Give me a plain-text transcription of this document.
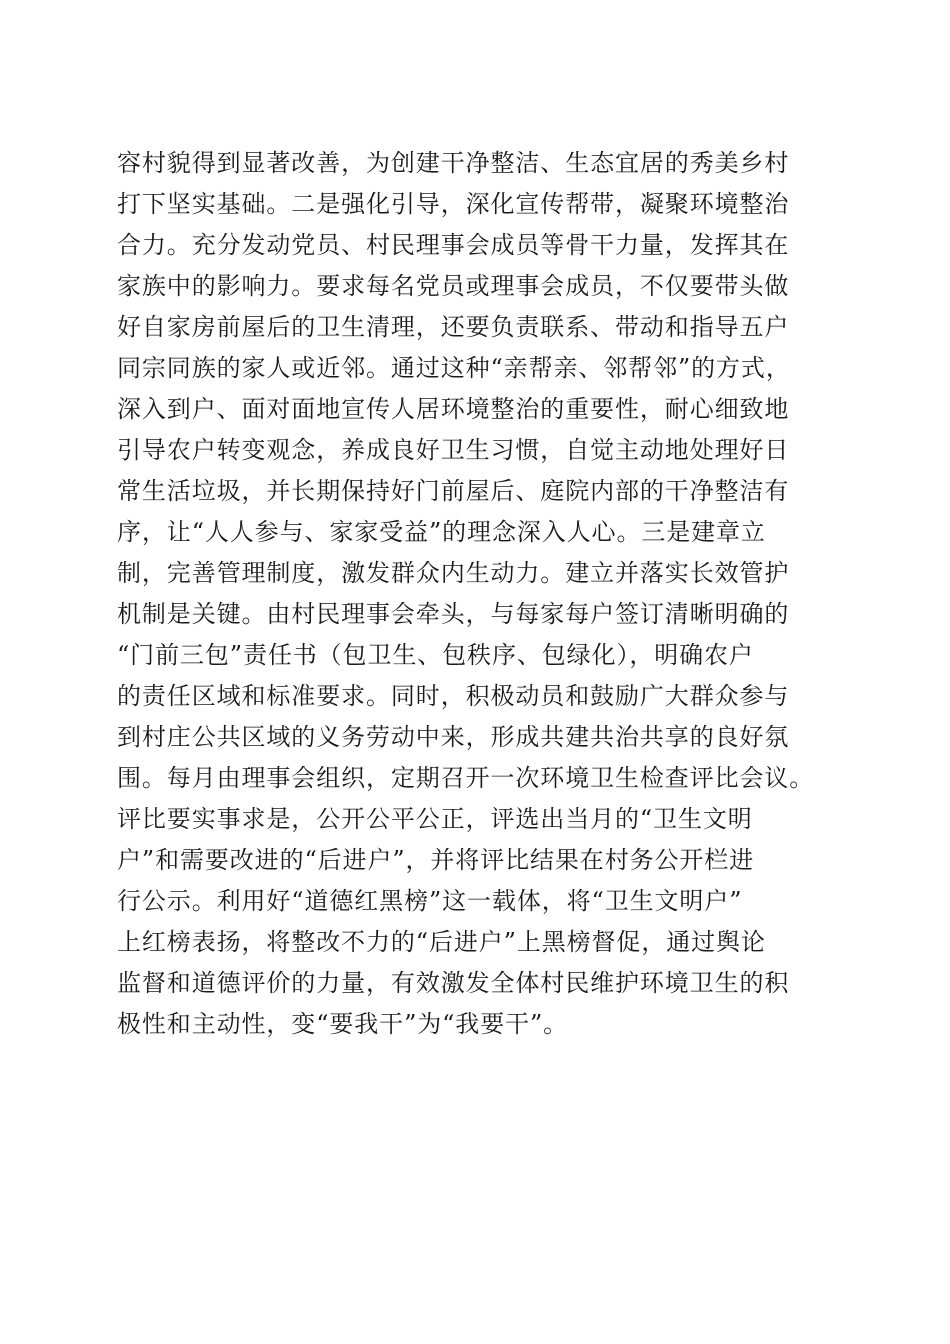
容村貌得到显著改善，为创建干净整洁、生态宜居的秀美乡村
打下坚实基础。二是强化引导，深化宣传帮带，凝聚环境整治
合力。充分发动党员、村民理事会成员等骨干力量，发挥其在
家族中的影响力。要求每名党员或理事会成员，不仅要带头做
好自家房前屋后的卫生清理，还要负责联系、带动和指导五户
同宗同族的家人或近邻。通过这种“亲帮亲、邻帮邻”的方式，
深入到户、面对面地宣传人居环境整治的重要性，耐心细致地
引导农户转变观念，养成良好卫生习惯，自觉主动地处理好日
常生活垃圾，并长期保持好门前屋后、庭院内部的干净整洁有
序，让“人人参与、家家受益”的理念深入人心。三是建章立
制，完善管理制度，激发群众内生动力。建立并落实长效管护
机制是关键。由村民理事会牵头，与每家每户签订清晰明确的
“门前三包”责任书（包卫生、包秩序、包绿化），明确农户
的责任区域和标准要求。同时，积极动员和鼓励广大群众参与
到村庄公共区域的义务劳动中来，形成共建共治共享的良好氛
围。每月由理事会组织，定期召开一次环境卫生检查评比会议。
评比要实事求是，公开公平公正，评选出当月的“卫生文明
户”和需要改进的“后进户”，并将评比结果在村务公开栏进
行公示。利用好“道德红黑榜”这一载体，将“卫生文明户”
上红榜表扬，将整改不力的“后进户”上黑榜督促，通过舆论
监督和道德评价的力量，有效激发全体村民维护环境卫生的积
极性和主动性，变“要我干”为“我要干”。
